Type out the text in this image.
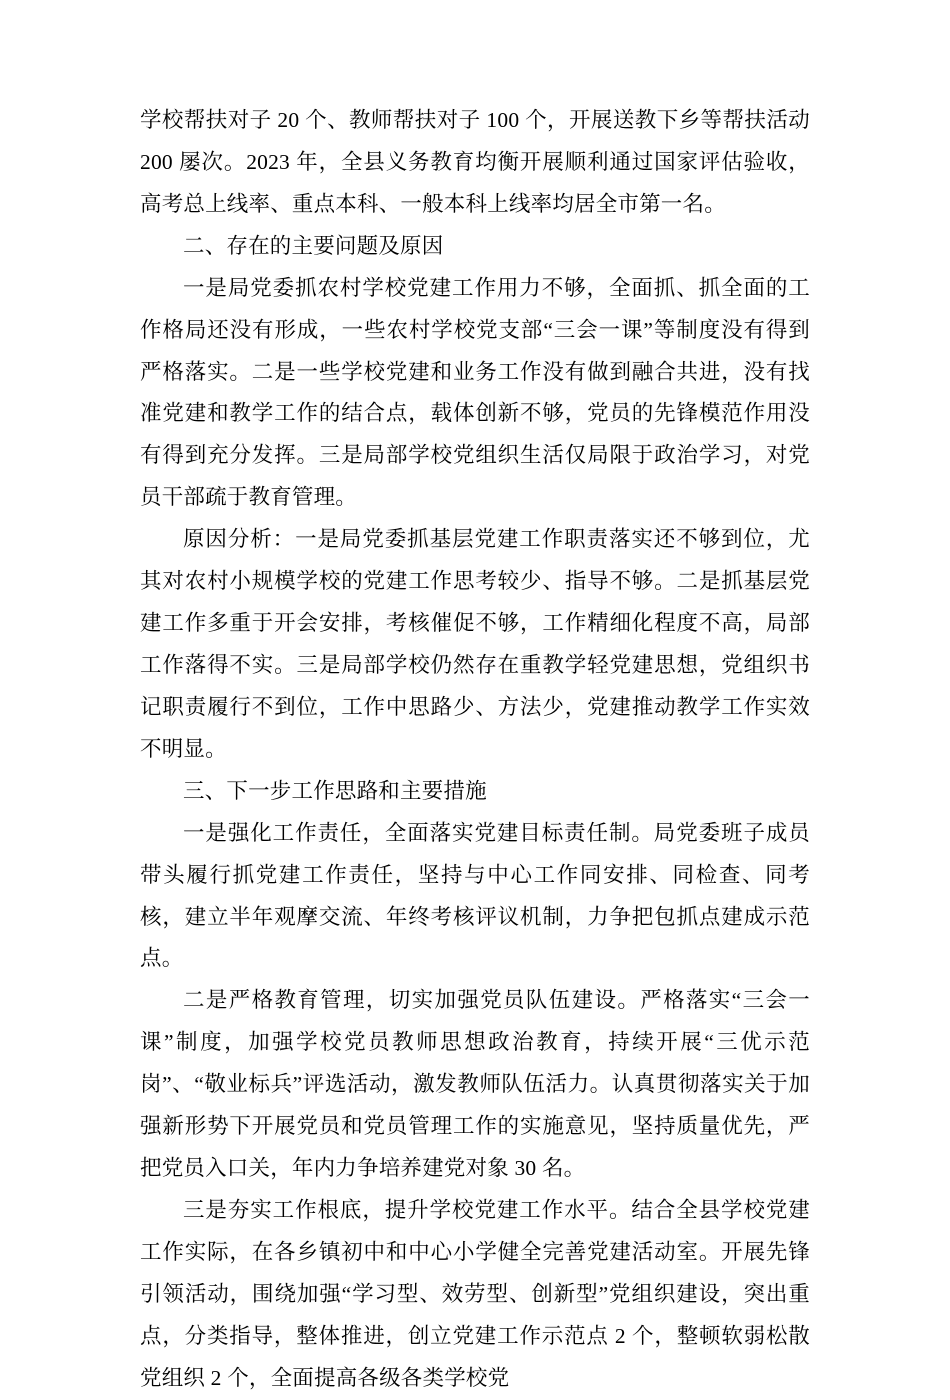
学校帮扶对子 20 个、教师帮扶对子 100 个，开展送教下乡等帮扶活动 200 屡次。2023 年，全县义务教育均衡开展顺利通过国家评估验收，高考总上线率、重点本科、一般本科上线率均居全市第一名。

二、存在的主要问题及原因

一是局党委抓农村学校党建工作用力不够，全面抓、抓全面的工作格局还没有形成，一些农村学校党支部“三会一课”等制度没有得到严格落实。二是一些学校党建和业务工作没有做到融合共进，没有找准党建和教学工作的结合点，载体创新不够，党员的先锋模范作用没有得到充分发挥。三是局部学校党组织生活仅局限于政治学习，对党员干部疏于教育管理。

原因分析：一是局党委抓基层党建工作职责落实还不够到位，尤其对农村小规模学校的党建工作思考较少、指导不够。二是抓基层党建工作多重于开会安排，考核催促不够，工作精细化程度不高，局部工作落得不实。三是局部学校仍然存在重教学轻党建思想，党组织书记职责履行不到位，工作中思路少、方法少，党建推动教学工作实效不明显。

三、下一步工作思路和主要措施

一是强化工作责任，全面落实党建目标责任制。局党委班子成员带头履行抓党建工作责任，坚持与中心工作同安排、同检查、同考核，建立半年观摩交流、年终考核评议机制，力争把包抓点建成示范点。

二是严格教育管理，切实加强党员队伍建设。严格落实“三会一课”制度，加强学校党员教师思想政治教育，持续开展“三优示范岗”、“敬业标兵”评选活动，激发教师队伍活力。认真贯彻落实关于加强新形势下开展党员和党员管理工作的实施意见，坚持质量优先，严把党员入口关，年内力争培养建党对象 30 名。

三是夯实工作根底，提升学校党建工作水平。结合全县学校党建工作实际，在各乡镇初中和中心小学健全完善党建活动室。开展先锋引领活动，围绕加强“学习型、效劳型、创新型”党组织建设，突出重点，分类指导，整体推进，创立党建工作示范点 2 个，整顿软弱松散党组织 2 个，全面提高各级各类学校党
